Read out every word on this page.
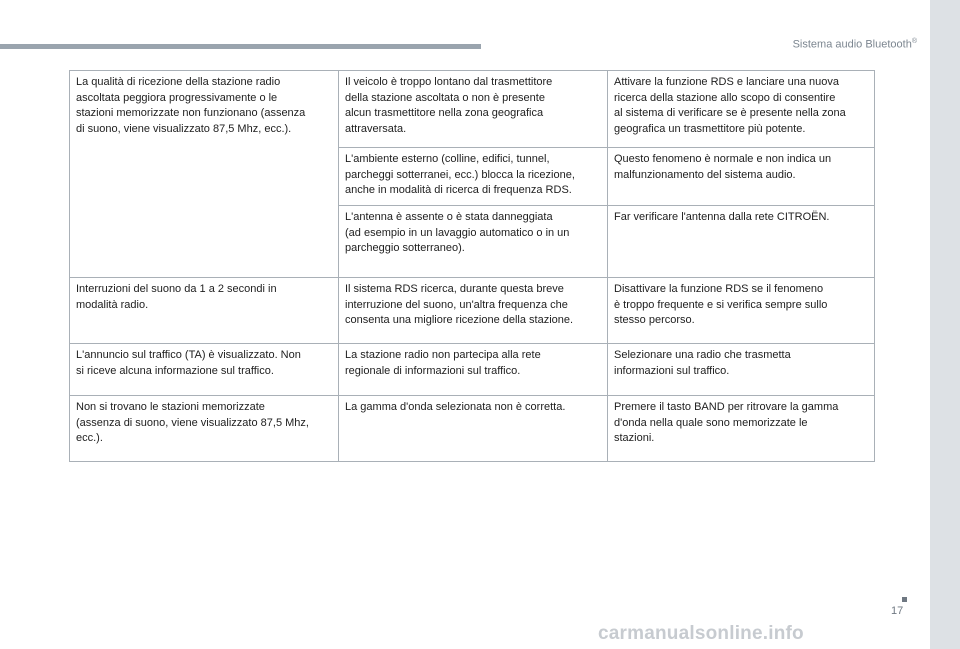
Sistema audio Bluetooth®
La qualità di ricezione della stazione radio
ascoltata peggiora progressivamente o le
stazioni memorizzate non funzionano (assenza
di suono, viene visualizzato 87,5 Mhz, ecc.).	Il veicolo è troppo lontano dal trasmettitore
della stazione ascoltata o non è presente
alcun trasmettitore nella zona geografica
attraversata.	Attivare la funzione RDS e lanciare una nuova
ricerca della stazione allo scopo di consentire
al sistema di verificare se è presente nella zona
geografica un trasmettitore più potente.
	L'ambiente esterno (colline, edifici, tunnel,
parcheggi sotterranei, ecc.) blocca la ricezione,
anche in modalità di ricerca di frequenza RDS.	Questo fenomeno è normale e non indica un
malfunzionamento del sistema audio.
	L'antenna è assente o è stata danneggiata
(ad esempio in un lavaggio automatico o in un
parcheggio sotterraneo).	Far verificare l'antenna dalla rete CITROËN.
Interruzioni del suono da 1 a 2 secondi in
modalità radio.	Il sistema RDS ricerca, durante questa breve
interruzione del suono, un'altra frequenza che
consenta una migliore ricezione della stazione.	Disattivare la funzione RDS se il fenomeno
è troppo frequente e si verifica sempre sullo
stesso percorso.
L'annuncio sul traffico (TA) è visualizzato. Non
si riceve alcuna informazione sul traffico.	La stazione radio non partecipa alla rete
regionale di informazioni sul traffico.	Selezionare una radio che trasmetta
informazioni sul traffico.
Non si trovano le stazioni memorizzate
(assenza di suono, viene visualizzato 87,5 Mhz,
ecc.).	La gamma d'onda selezionata non è corretta.	Premere il tasto BAND per ritrovare la gamma
d'onda nella quale sono memorizzate le
stazioni.
17
carmanualsonline.info
